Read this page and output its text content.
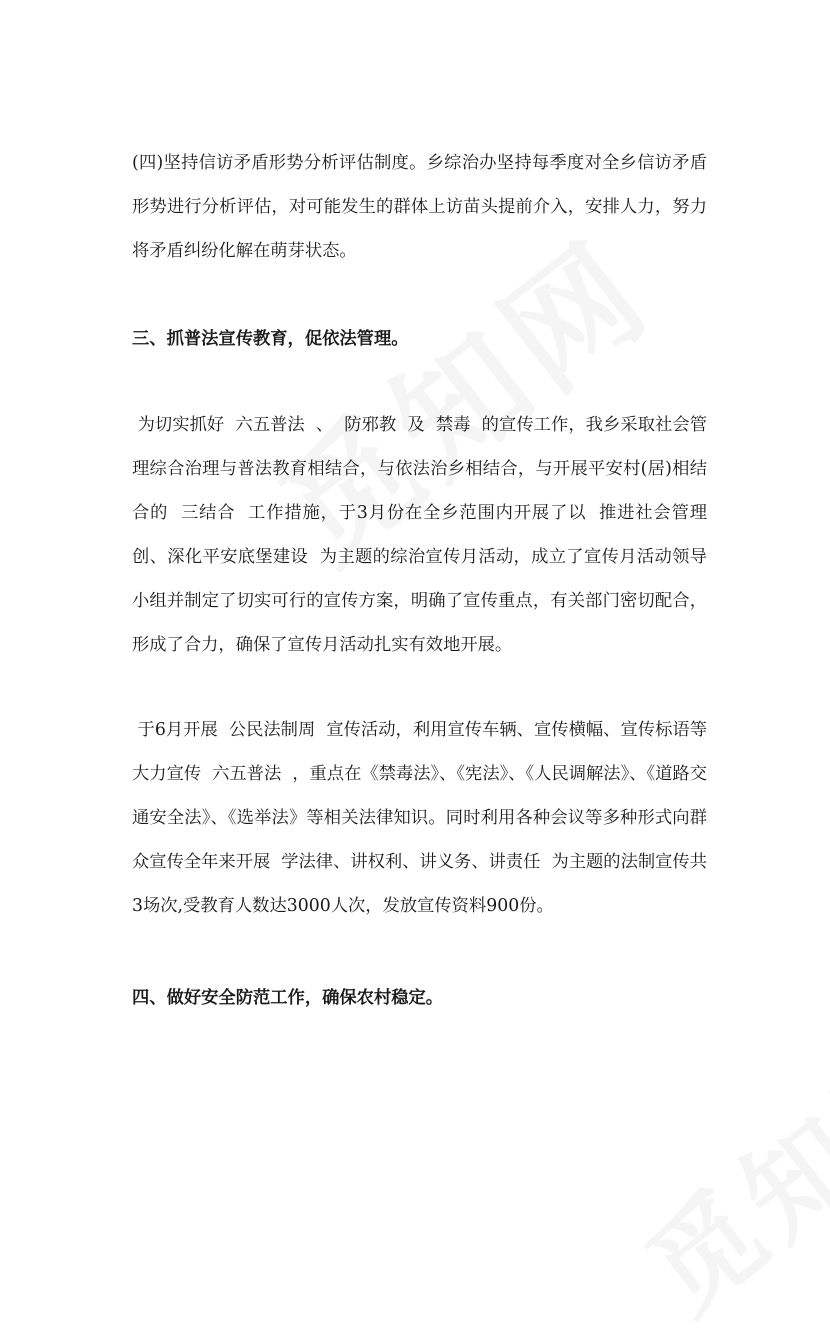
(四)坚持信访矛盾形势分析评估制度。乡综治办坚持每季度对全乡信访矛盾形势进行分析评估，对可能发生的群体上访苗头提前介入，安排人力，努力将矛盾纠纷化解在萌芽状态。

三、抓普法宣传教育，促依法管理。

为切实抓好  六五普法  、  防邪教  及  禁毒  的宣传工作，我乡采取社会管理综合治理与普法教育相结合，与依法治乡相结合，与开展平安村(居)相结合的  三结合  工作措施，于3月份在全乡范围内开展了以  推进社会管理创、深化平安底堡建设  为主题的综治宣传月活动，成立了宣传月活动领导小组并制定了切实可行的宣传方案，明确了宣传重点，有关部门密切配合，形成了合力，确保了宣传月活动扎实有效地开展。

于6月开展  公民法制周  宣传活动，利用宣传车辆、宣传横幅、宣传标语等大力宣传  六五普法  ，重点在《禁毒法》、《宪法》、《人民调解法》、《道路交通安全法》、《选举法》等相关法律知识。同时利用各种会议等多种形式向群众宣传全年来开展  学法律、讲权利、讲义务、讲责任  为主题的法制宣传共3场次,受教育人数达3000人次，发放宣传资料900份。

四、做好安全防范工作，确保农村稳定。
